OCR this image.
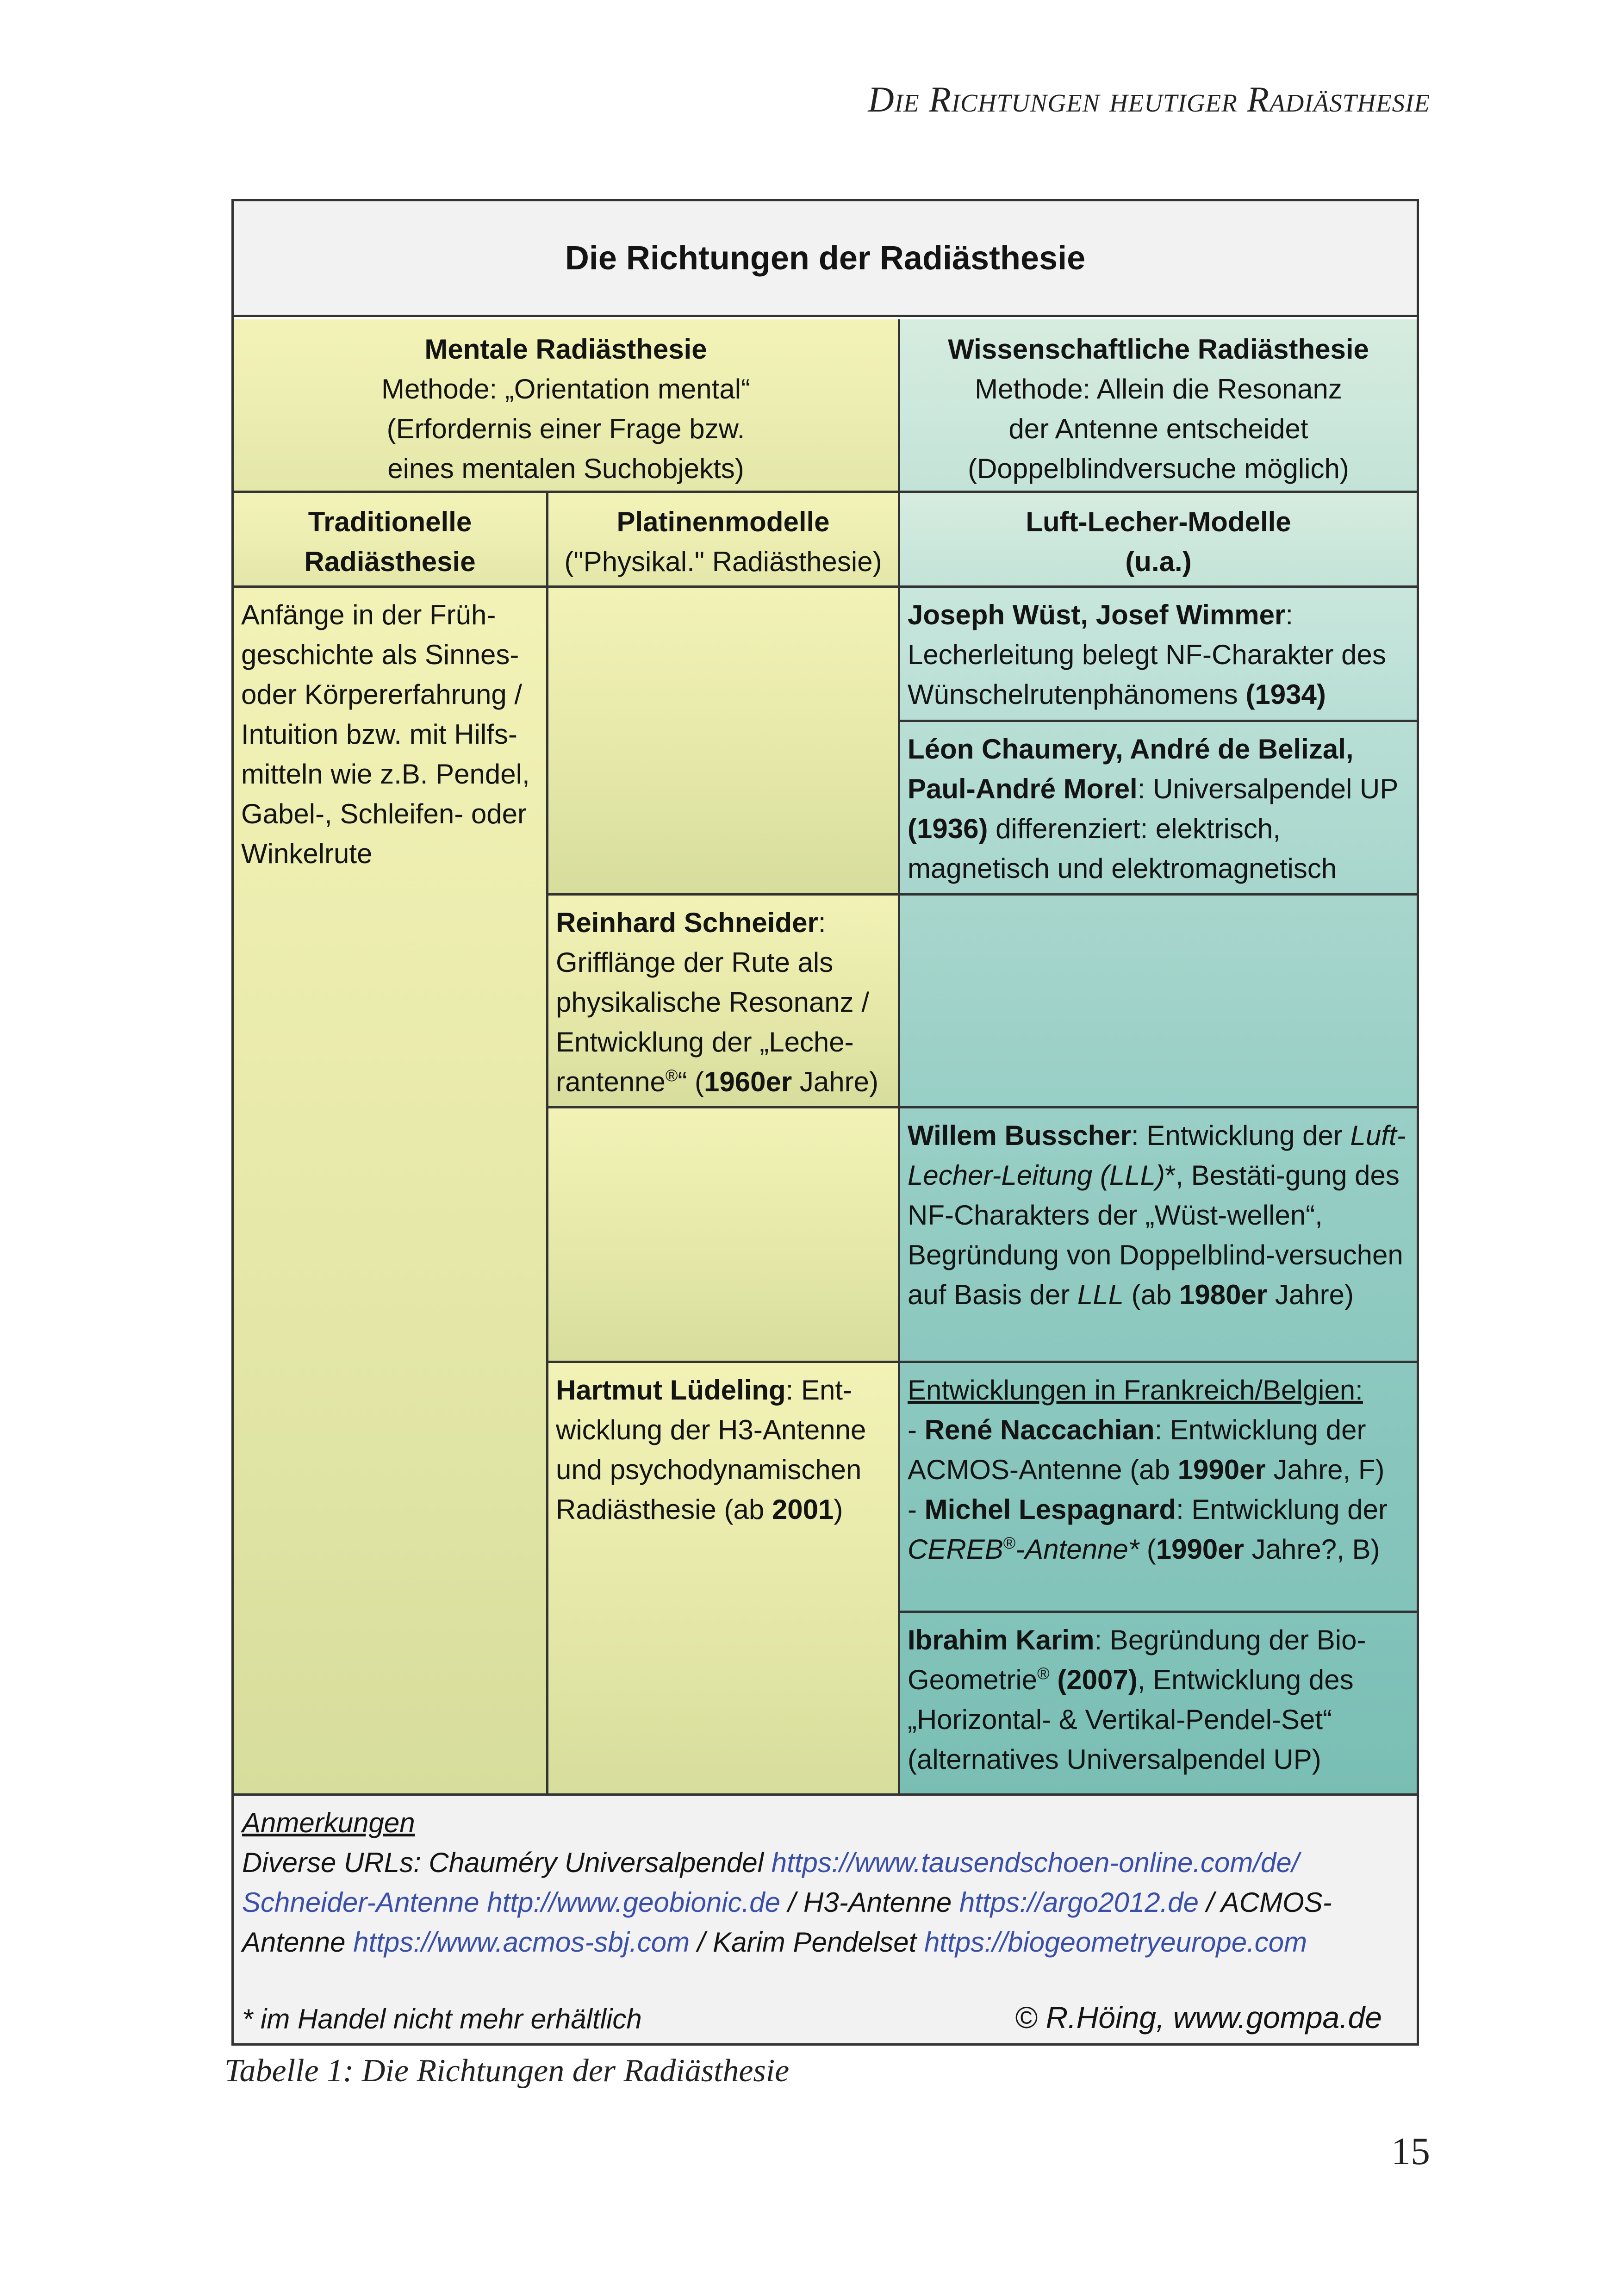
Die Richtungen heutiger Radiästhesie
Die Richtungen der Radiästhesie
Mentale Radiästhesie
Methode: „Orientation mental“
(Erfordernis einer Frage bzw.
eines mentalen Suchobjekts)
Wissenschaftliche Radiästhesie
Methode: Allein die Resonanz
der Antenne entscheidet
(Doppelblindversuche möglich)
Traditionelle
Radiästhesie
Platinenmodelle
("Physikal." Radiästhesie)
Luft-Lecher-Modelle
(u.a.)
Anfänge in der Früh-geschichte als Sinnes- oder Körpererfahrung / Intuition bzw. mit Hilfs-mitteln wie z.B. Pendel, Gabel-, Schleifen- oder Winkelrute
Reinhard Schneider: Grifflänge der Rute als physikalische Resonanz / Entwicklung der „Leche-rantenne®“ (1960er Jahre)
Hartmut Lüdeling: Ent-wicklung der H3-Antenne und psychodynamischen Radiästhesie (ab 2001)
Joseph Wüst, Josef Wimmer: Lecherleitung belegt NF-Charakter des Wünschelrutenphänomens (1934)
Léon Chaumery, André de Belizal,
Paul-André Morel: Universalpendel UP (1936) differenziert: elektrisch, magnetisch und elektromagnetisch
Willem Busscher: Entwicklung der Luft-Lecher-Leitung (LLL)*, Bestäti-gung des NF-Charakters der „Wüst-wellen“, Begründung von Doppelblind-versuchen auf Basis der LLL (ab 1980er Jahre)
Entwicklungen in Frankreich/Belgien:
- René Naccachian: Entwicklung der ACMOS-Antenne (ab 1990er Jahre, F)
- Michel Lespagnard: Entwicklung der CEREB®-Antenne* (1990er Jahre?, B)
Ibrahim Karim: Begründung der Bio-Geometrie® (2007), Entwicklung des „Horizontal- & Vertikal-Pendel-Set“ (alternatives Universalpendel UP)
Anmerkungen
Diverse URLs: Chauméry Universalpendel https://www.tausendschoen-online.com/de/
Schneider-Antenne http://www.geobionic.de / H3-Antenne https://argo2012.de / ACMOS-Antenne https://www.acmos-sbj.com / Karim Pendelset https://biogeometryeurope.com
* im Handel nicht mehr erhältlich	© R.Höing, www.gompa.de
Tabelle 1: Die Richtungen der Radiästhesie
15
